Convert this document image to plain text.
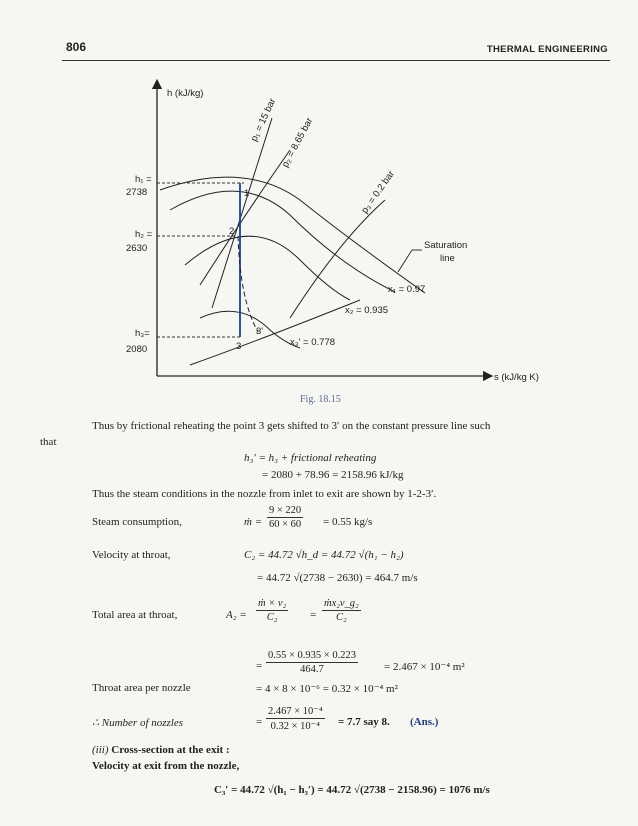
806	THERMAL ENGINEERING
h (kJ/kg)
s (kJ/kg K)
h₁ =
2738
h₂ =
2630
h₃=
2080
1
2
3
3'
p₁ = 15 bar p₂ = 8.65 bar
p₃ = 0.2 bar
Saturation
line
x₁ = 0.97
x₂ = 0.935
x₃' = 0.778
Fig. 18.15
Thus by frictional reheating the point 3 gets shifted to 3′ on the constant pressure line such
that
h₃′ = h₃ + frictional reheating
= 2080 + 78.96 = 2158.96 kJ/kg
Thus the steam conditions in the nozzle from inlet to exit are shown by 1-2-3′.
Steam consumption,	ṁ = $\frac{9 \times 220}{60 \times 60} = 0.55$ kg/s
Velocity at throat,	C₂ = 44.72 √h_d = 44.72 √(h₁ − h₂)
= 44.72 √(2738 − 2630) = 464.7 m/s
Total area at throat,	$A_2 = \frac{\text{ṁ × v₂}}{\text{C₂}} = \frac{\text{ṁx₂v\_g₂}}{\text{C₂}}$
= $\frac{0.55 \times 0.935 \times 0.223}{464.7} = 2.467 \times 10^{-4}$ m²
Throat area per nozzle	= 4 × 8 × 10⁻⁶ = 0.32 × 10⁻⁴ m²
∴ Number of nozzles	= $\frac{\text{2.467 × 10⁻⁴}}{\text{0.32 × 10⁻⁴}} = 7.7$ say 8. (Ans.)
(iii) Cross-section at the exit :
Velocity at exit from the nozzle,
C₃′ = 44.72 √(h₁ − h₃′) = 44.72 √(2738 − 2158.96) = 1076 m/s
